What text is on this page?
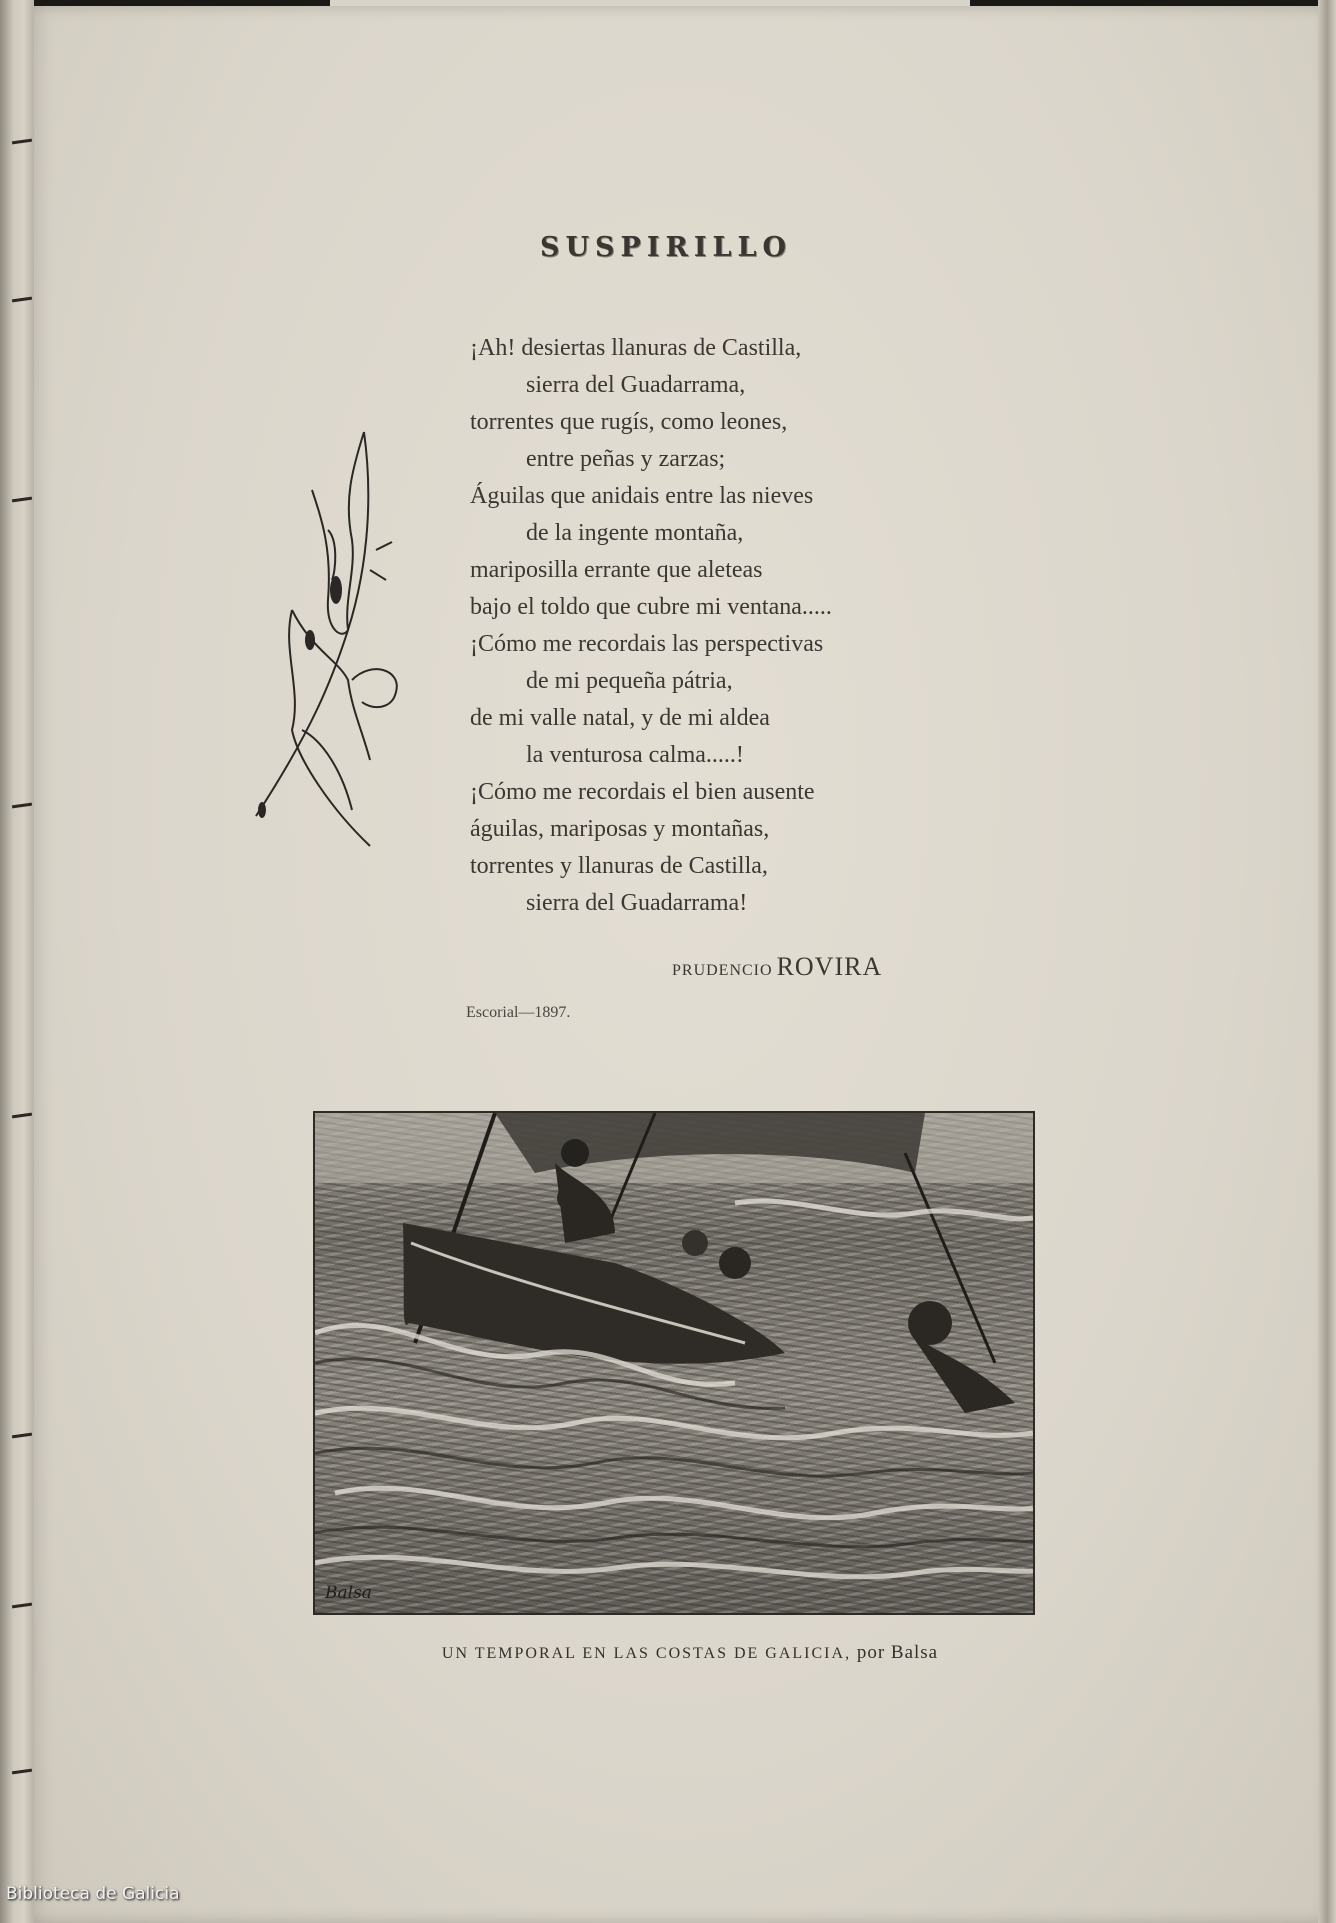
SUSPIRILLO
¡Ah! desiertas llanuras de Castilla,
sierra del Guadarrama,
torrentes que rugís, como leones,
entre peñas y zarzas;
Águilas que anidais entre las nieves
de la ingente montaña,
mariposilla errante que aleteas
bajo el toldo que cubre mi ventana.....
¡Cómo me recordais las perspectivas
de mi pequeña pátria,
de mi valle natal, y de mi aldea
la venturosa calma.....!
¡Cómo me recordais el bien ausente
águilas, mariposas y montañas,
torrentes y llanuras de Castilla,
sierra del Guadarrama!
PRUDENCIO ROVIRA
Escorial—1897.
Balsa
UN TEMPORAL EN LAS COSTAS DE GALICIA, por Balsa
Biblioteca de Galicia
